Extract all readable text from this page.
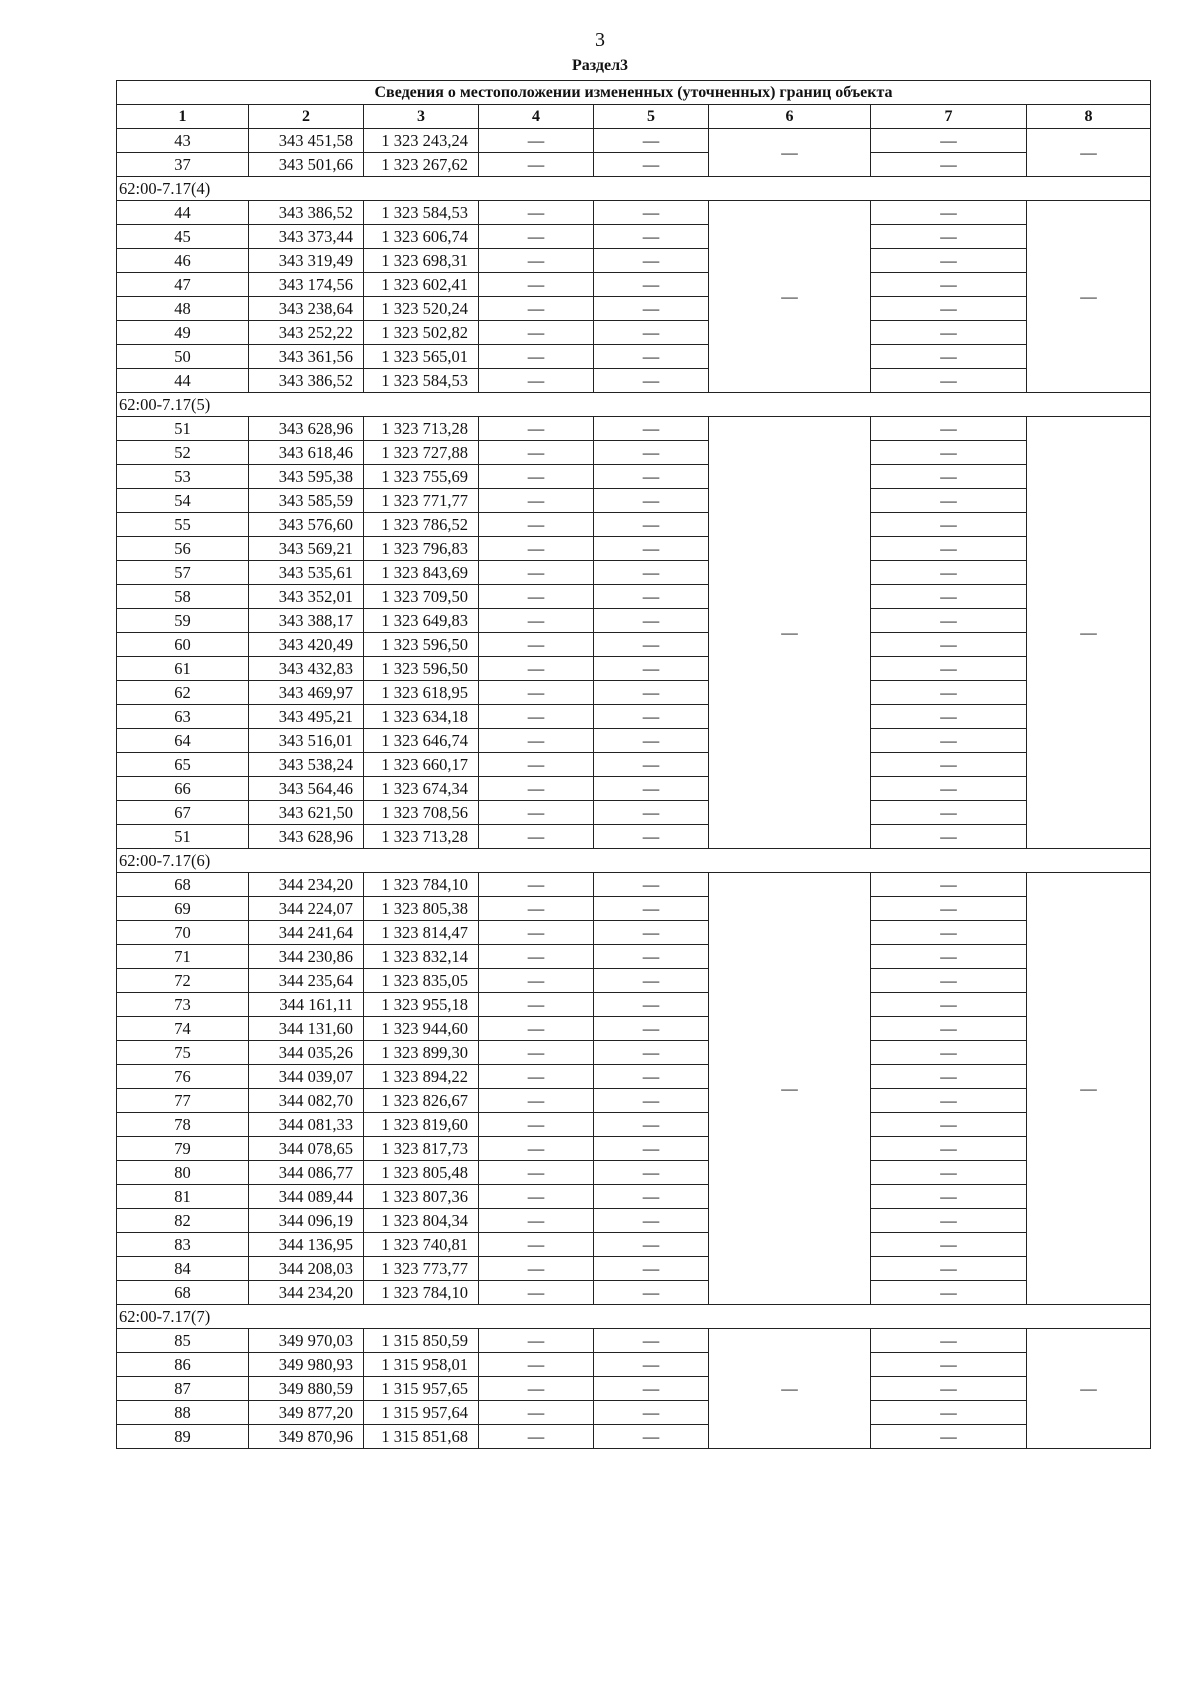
3
Раздел3
Сведения о местоположении измененных (уточненных) границ объекта							
1	2	3	4	5	6	7	8
43	343 451,58	1 323 243,24	—	—	—	—	—
37	343 501,66	1 323 267,62	—	—		—	
62:00-7.17(4)							
44	343 386,52	1 323 584,53	—	—	—	—	—
45	343 373,44	1 323 606,74	—	—		—	
46	343 319,49	1 323 698,31	—	—		—	
47	343 174,56	1 323 602,41	—	—		—	
48	343 238,64	1 323 520,24	—	—		—	
49	343 252,22	1 323 502,82	—	—		—	
50	343 361,56	1 323 565,01	—	—		—	
44	343 386,52	1 323 584,53	—	—		—	
62:00-7.17(5)							
51	343 628,96	1 323 713,28	—	—	—	—	—
52	343 618,46	1 323 727,88	—	—		—	
53	343 595,38	1 323 755,69	—	—		—	
54	343 585,59	1 323 771,77	—	—		—	
55	343 576,60	1 323 786,52	—	—		—	
56	343 569,21	1 323 796,83	—	—		—	
57	343 535,61	1 323 843,69	—	—		—	
58	343 352,01	1 323 709,50	—	—		—	
59	343 388,17	1 323 649,83	—	—		—	
60	343 420,49	1 323 596,50	—	—		—	
61	343 432,83	1 323 596,50	—	—		—	
62	343 469,97	1 323 618,95	—	—		—	
63	343 495,21	1 323 634,18	—	—		—	
64	343 516,01	1 323 646,74	—	—		—	
65	343 538,24	1 323 660,17	—	—		—	
66	343 564,46	1 323 674,34	—	—		—	
67	343 621,50	1 323 708,56	—	—		—	
51	343 628,96	1 323 713,28	—	—		—	
62:00-7.17(6)							
68	344 234,20	1 323 784,10	—	—	—	—	—
69	344 224,07	1 323 805,38	—	—		—	
70	344 241,64	1 323 814,47	—	—		—	
71	344 230,86	1 323 832,14	—	—		—	
72	344 235,64	1 323 835,05	—	—		—	
73	344 161,11	1 323 955,18	—	—		—	
74	344 131,60	1 323 944,60	—	—		—	
75	344 035,26	1 323 899,30	—	—		—	
76	344 039,07	1 323 894,22	—	—		—	
77	344 082,70	1 323 826,67	—	—		—	
78	344 081,33	1 323 819,60	—	—		—	
79	344 078,65	1 323 817,73	—	—		—	
80	344 086,77	1 323 805,48	—	—		—	
81	344 089,44	1 323 807,36	—	—		—	
82	344 096,19	1 323 804,34	—	—		—	
83	344 136,95	1 323 740,81	—	—		—	
84	344 208,03	1 323 773,77	—	—		—	
68	344 234,20	1 323 784,10	—	—		—	
62:00-7.17(7)							
85	349 970,03	1 315 850,59	—	—	—	—	—
86	349 980,93	1 315 958,01	—	—		—	
87	349 880,59	1 315 957,65	—	—		—	
88	349 877,20	1 315 957,64	—	—		—	
89	349 870,96	1 315 851,68	—	—		—	
